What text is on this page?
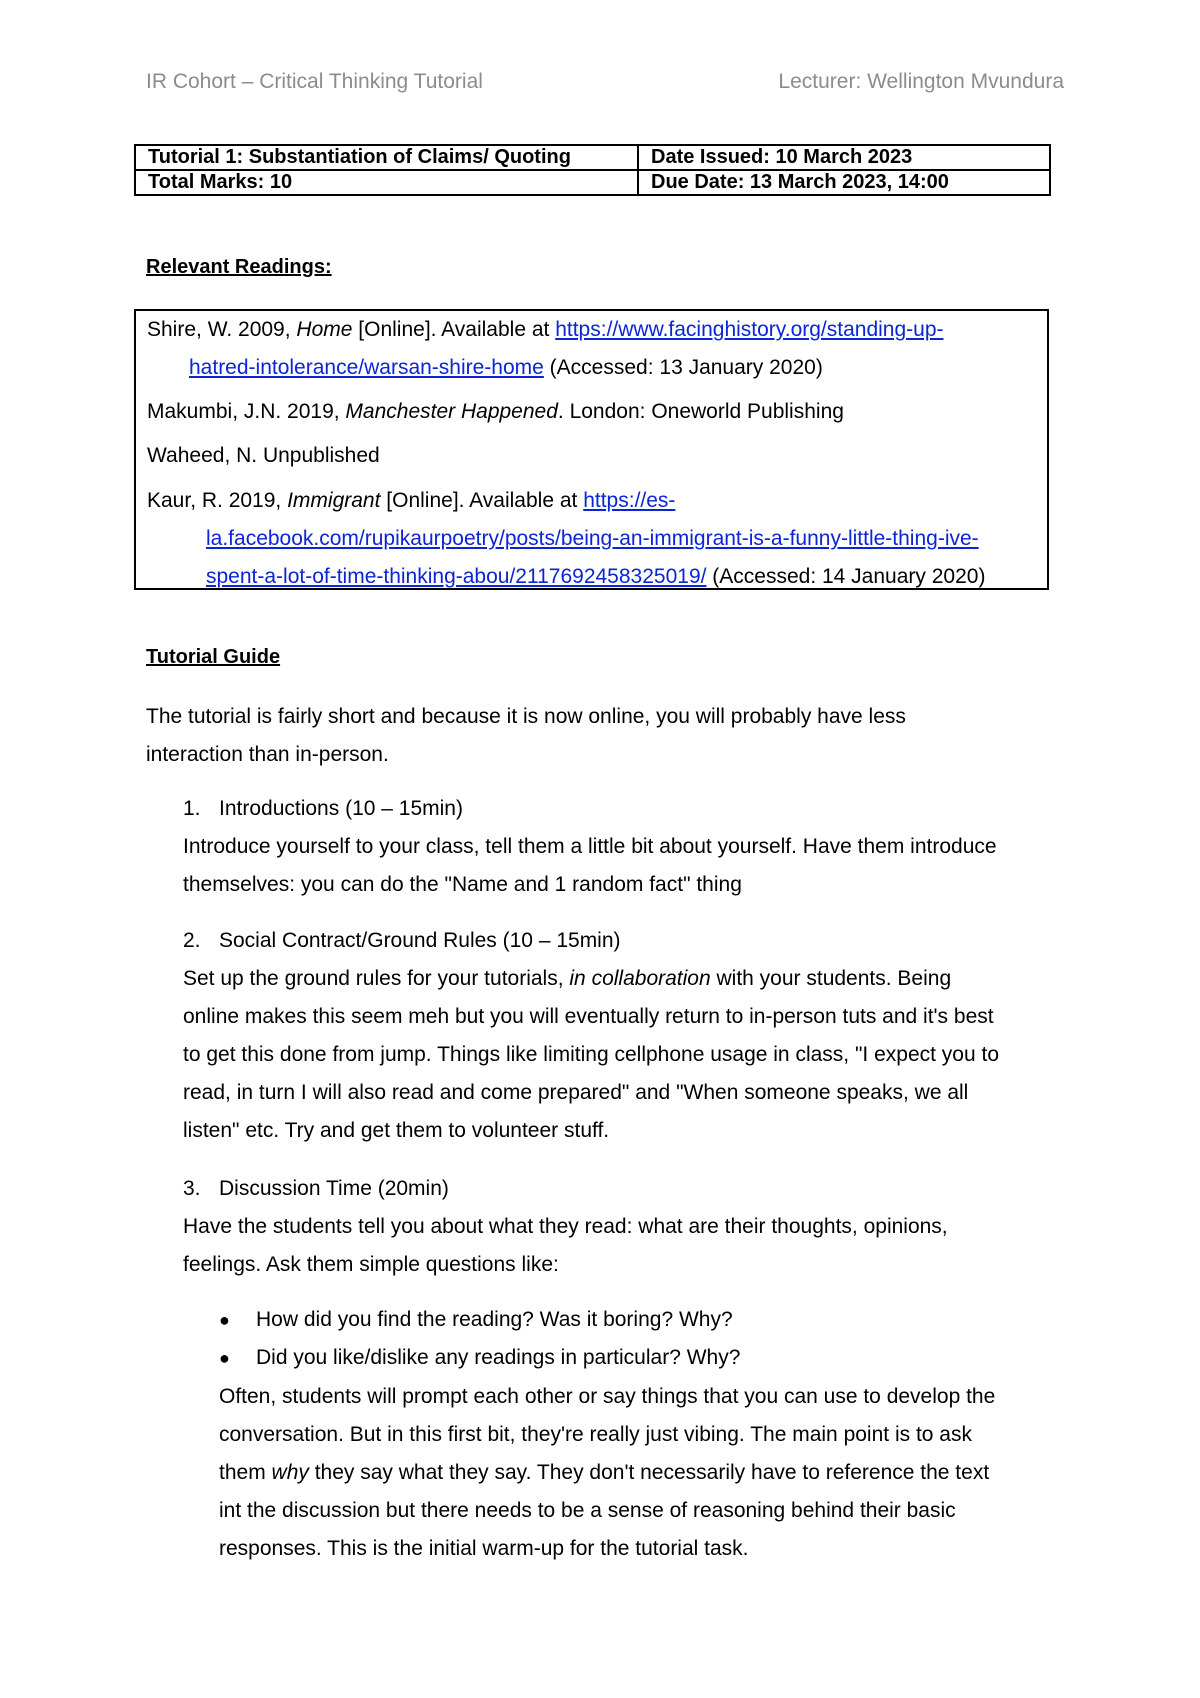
IR Cohort – Critical Thinking Tutorial	Lecturer: Wellington Mvundura
Tutorial 1: Substantiation of Claims/ Quoting	Date Issued: 10 March 2023
Total Marks: 10	Due Date: 13 March 2023, 14:00
Relevant Readings:
Shire, W. 2009, Home [Online]. Available at https://www.facinghistory.org/standing-up-
hatred-intolerance/warsan-shire-home (Accessed: 13 January 2020)
Makumbi, J.N. 2019, Manchester Happened. London: Oneworld Publishing
Waheed, N. Unpublished
Kaur, R. 2019, Immigrant [Online]. Available at https://es-
la.facebook.com/rupikaurpoetry/posts/being-an-immigrant-is-a-funny-little-thing-ive-
spent-a-lot-of-time-thinking-abou/2117692458325019/ (Accessed: 14 January 2020)
Tutorial Guide
The tutorial is fairly short and because it is now online, you will probably have less
interaction than in-person.
1. Introductions (10 – 15min)
Introduce yourself to your class, tell them a little bit about yourself. Have them introduce
themselves: you can do the "Name and 1 random fact" thing
2. Social Contract/Ground Rules (10 – 15min)
Set up the ground rules for your tutorials, in collaboration with your students. Being
online makes this seem meh but you will eventually return to in-person tuts and it's best
to get this done from jump. Things like limiting cellphone usage in class, "I expect you to
read, in turn I will also read and come prepared" and "When someone speaks, we all
listen" etc. Try and get them to volunteer stuff.
3. Discussion Time (20min)
Have the students tell you about what they read: what are their thoughts, opinions,
feelings. Ask them simple questions like:
● How did you find the reading? Was it boring? Why?
● Did you like/dislike any readings in particular? Why?
Often, students will prompt each other or say things that you can use to develop the
conversation. But in this first bit, they're really just vibing. The main point is to ask
them why they say what they say. They don't necessarily have to reference the text
int the discussion but there needs to be a sense of reasoning behind their basic
responses. This is the initial warm-up for the tutorial task.
